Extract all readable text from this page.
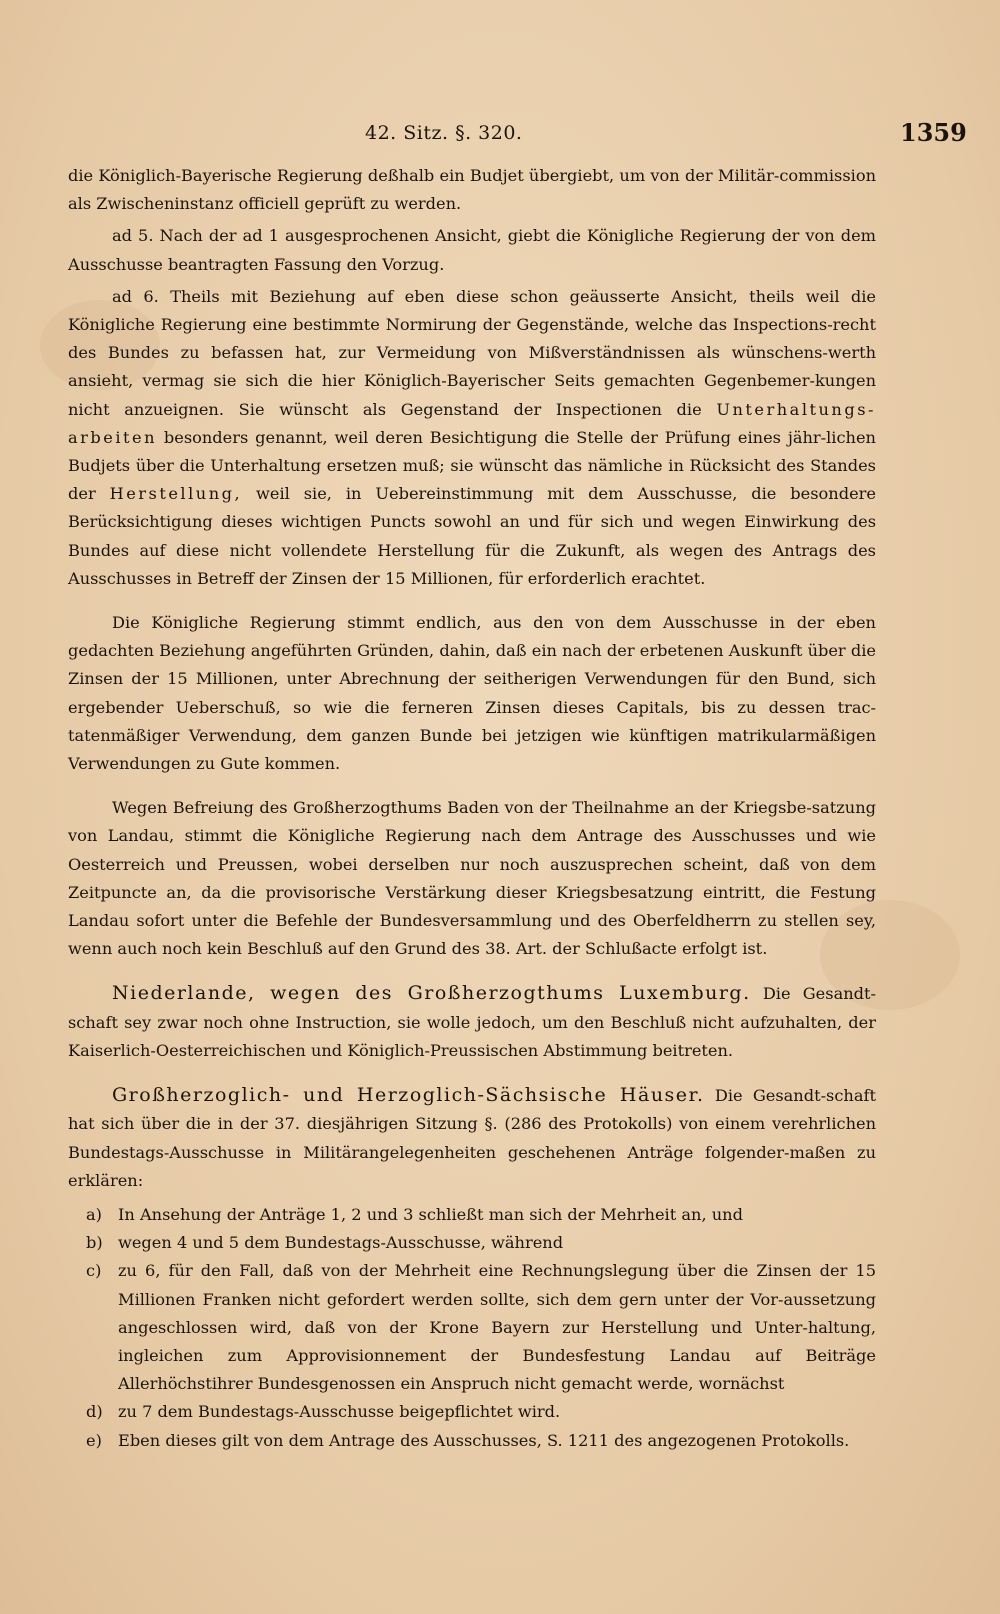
42. Sitz. §. 320.	1359

die Königlich-Bayerische Regierung deßhalb ein Budjet übergiebt, um von der Militär-commission als Zwischeninstanz officiell geprüft zu werden.

ad 5. Nach der ad 1 ausgesprochenen Ansicht, giebt die Königliche Regierung der von dem Ausschusse beantragten Fassung den Vorzug.

ad 6. Theils mit Beziehung auf eben diese schon geäusserte Ansicht, theils weil die Königliche Regierung eine bestimmte Normirung der Gegenstände, welche das Inspections-recht des Bundes zu befassen hat, zur Vermeidung von Mißverständnissen als wünschens-werth ansieht, vermag sie sich die hier Königlich-Bayerischer Seits gemachten Gegenbemer-kungen nicht anzueignen. Sie wünscht als Gegenstand der Inspectionen die Unterhaltungs-arbeiten besonders genannt, weil deren Besichtigung die Stelle der Prüfung eines jähr-lichen Budjets über die Unterhaltung ersetzen muß; sie wünscht das nämliche in Rücksicht des Standes der Herstellung, weil sie, in Uebereinstimmung mit dem Ausschusse, die besondere Berücksichtigung dieses wichtigen Puncts sowohl an und für sich und wegen Einwirkung des Bundes auf diese nicht vollendete Herstellung für die Zukunft, als wegen des Antrags des Ausschusses in Betreff der Zinsen der 15 Millionen, für erforderlich erachtet.

Die Königliche Regierung stimmt endlich, aus den von dem Ausschusse in der eben gedachten Beziehung angeführten Gründen, dahin, daß ein nach der erbetenen Auskunft über die Zinsen der 15 Millionen, unter Abrechnung der seitherigen Verwendungen für den Bund, sich ergebender Ueberschuß, so wie die ferneren Zinsen dieses Capitals, bis zu dessen trac-tatenmäßiger Verwendung, dem ganzen Bunde bei jetzigen wie künftigen matrikularmäßigen Verwendungen zu Gute kommen.

Wegen Befreiung des Großherzogthums Baden von der Theilnahme an der Kriegsbe-satzung von Landau, stimmt die Königliche Regierung nach dem Antrage des Ausschusses und wie Oesterreich und Preussen, wobei derselben nur noch auszusprechen scheint, daß von dem Zeitpuncte an, da die provisorische Verstärkung dieser Kriegsbesatzung eintritt, die Festung Landau sofort unter die Befehle der Bundesversammlung und des Oberfeldherrn zu stellen sey, wenn auch noch kein Beschluß auf den Grund des 38. Art. der Schlußacte erfolgt ist.

Niederlande, wegen des Großherzogthums Luxemburg. Die Gesandt-schaft sey zwar noch ohne Instruction, sie wolle jedoch, um den Beschluß nicht aufzuhalten, der Kaiserlich-Oesterreichischen und Königlich-Preussischen Abstimmung beitreten.

Großherzoglich- und Herzoglich-Sächsische Häuser. Die Gesandt-schaft hat sich über die in der 37. diesjährigen Sitzung §. (286 des Protokolls) von einem verehrlichen Bundestags-Ausschusse in Militärangelegenheiten geschehenen Anträge folgender-maßen zu erklären:

a) In Ansehung der Anträge 1, 2 und 3 schließt man sich der Mehrheit an, und
b) wegen 4 und 5 dem Bundestags-Ausschusse, während
c) zu 6, für den Fall, daß von der Mehrheit eine Rechnungslegung über die Zinsen der 15 Millionen Franken nicht gefordert werden sollte, sich dem gern unter der Vor-aussetzung angeschlossen wird, daß von der Krone Bayern zur Herstellung und Unter-haltung, ingleichen zum Approvisionnement der Bundesfestung Landau auf Beiträge Allerhöchstihrer Bundesgenossen ein Anspruch nicht gemacht werde, wornächst
d) zu 7 dem Bundestags-Ausschusse beigepflichtet wird.
e) Eben dieses gilt von dem Antrage des Ausschusses, S. 1211 des angezogenen Protokolls.
